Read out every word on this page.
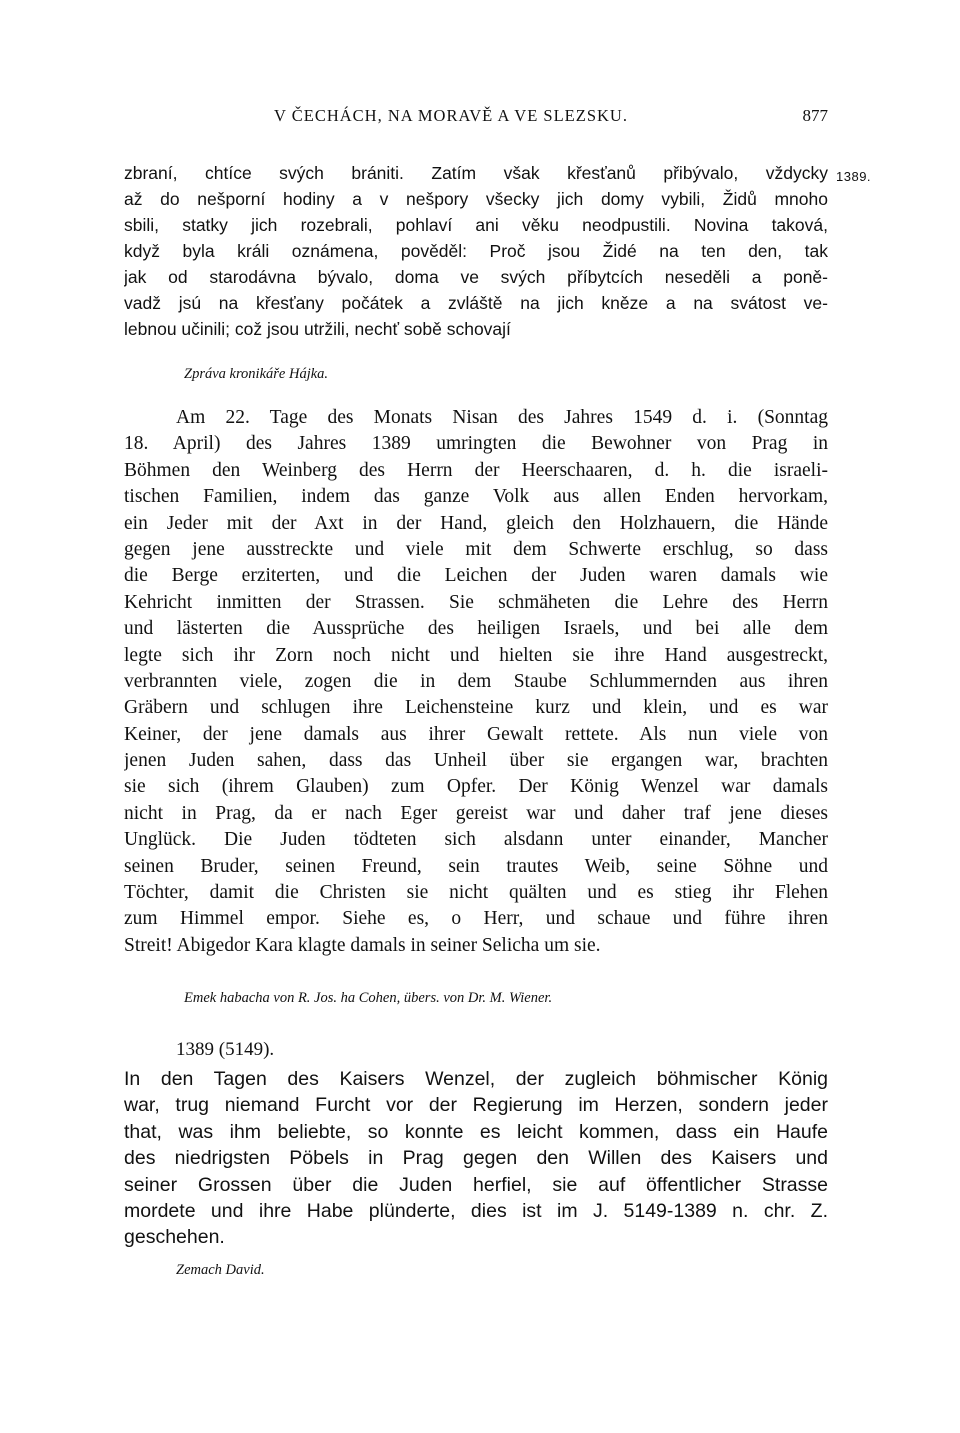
V ČECHÁCH, NA MORAVĚ A VE SLEZSKU.	877
1389.
zbraní, chtíce svých brániti. Zatím však křesťanů přibývalo, vždycky
až do nešporní hodiny a v nešpory všecky jich domy vybili, Židů mnoho
sbili, statky jich rozebrali, pohlaví ani věku neodpustili. Novina taková,
když byla králi oznámena, pověděl: Proč jsou Židé na ten den, tak
jak od starodávna bývalo, doma ve svých příbytcích neseděli a poně-
vadž jsú na křesťany počátek a zvláště na jich kněze a na svátost ve-
lebnou učinili; což jsou utržili, nechť sobě schovají
Zpráva kronikáře Hájka.
Am 22. Tage des Monats Nisan des Jahres 1549 d. i. (Sonntag
18. April) des Jahres 1389 umringten die Bewohner von Prag in
Böhmen den Weinberg des Herrn der Heerschaaren, d. h. die israeli-
tischen Familien, indem das ganze Volk aus allen Enden hervorkam,
ein Jeder mit der Axt in der Hand, gleich den Holzhauern, die Hände
gegen jene ausstreckte und viele mit dem Schwerte erschlug, so dass
die Berge erziterten, und die Leichen der Juden waren damals wie
Kehricht inmitten der Strassen. Sie schmäheten die Lehre des Herrn
und lästerten die Aussprüche des heiligen Israels, und bei alle dem
legte sich ihr Zorn noch nicht und hielten sie ihre Hand ausgestreckt,
verbrannten viele, zogen die in dem Staube Schlummernden aus ihren
Gräbern und schlugen ihre Leichensteine kurz und klein, und es war
Keiner, der jene damals aus ihrer Gewalt rettete. Als nun viele von
jenen Juden sahen, dass das Unheil über sie ergangen war, brachten
sie sich (ihrem Glauben) zum Opfer. Der König Wenzel war damals
nicht in Prag, da er nach Eger gereist war und daher traf jene dieses
Unglück. Die Juden tödteten sich alsdann unter einander, Mancher
seinen Bruder, seinen Freund, sein trautes Weib, seine Söhne und
Töchter, damit die Christen sie nicht quälten und es stieg ihr Flehen
zum Himmel empor. Siehe es, o Herr, und schaue und führe ihren
Streit! Abigedor Kara klagte damals in seiner Selicha um sie.
Emek habacha von R. Jos. ha Cohen, übers. von Dr. M. Wiener.
1389 (5149).
In den Tagen des Kaisers Wenzel, der zugleich böhmischer König
war, trug niemand Furcht vor der Regierung im Herzen, sondern jeder
that, was ihm beliebte, so konnte es leicht kommen, dass ein Haufe
des niedrigsten Pöbels in Prag gegen den Willen des Kaisers und
seiner Grossen über die Juden herfiel, sie auf öffentlicher Strasse
mordete und ihre Habe plünderte, dies ist im J. 5149-1389 n. chr. Z.
geschehen.
Zemach David.
